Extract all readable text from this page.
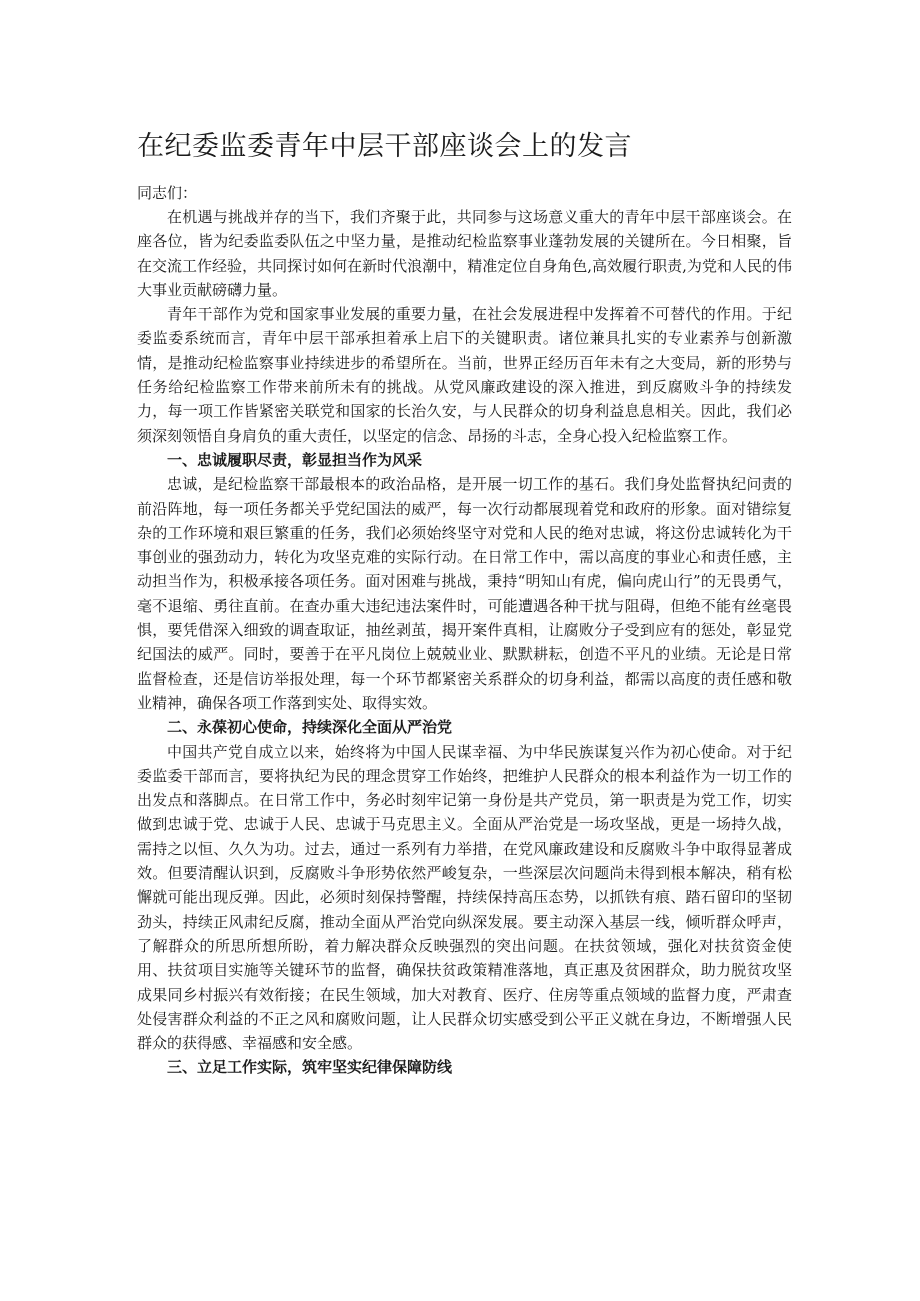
在纪委监委青年中层干部座谈会上的发言

同志们：

在机遇与挑战并存的当下，我们齐聚于此，共同参与这场意义重大的青年中层干部座谈会。在座各位，皆为纪委监委队伍之中坚力量，是推动纪检监察事业蓬勃发展的关键所在。今日相聚，旨在交流工作经验，共同探讨如何在新时代浪潮中，精准定位自身角色,高效履行职责,为党和人民的伟大事业贡献磅礴力量。

青年干部作为党和国家事业发展的重要力量，在社会发展进程中发挥着不可替代的作用。于纪委监委系统而言，青年中层干部承担着承上启下的关键职责。诸位兼具扎实的专业素养与创新激情，是推动纪检监察事业持续进步的希望所在。当前，世界正经历百年未有之大变局，新的形势与任务给纪检监察工作带来前所未有的挑战。从党风廉政建设的深入推进，到反腐败斗争的持续发力，每一项工作皆紧密关联党和国家的长治久安，与人民群众的切身利益息息相关。因此，我们必须深刻领悟自身肩负的重大责任，以坚定的信念、昂扬的斗志，全身心投入纪检监察工作。

一、忠诚履职尽责，彰显担当作为风采

忠诚，是纪检监察干部最根本的政治品格，是开展一切工作的基石。我们身处监督执纪问责的前沿阵地，每一项任务都关乎党纪国法的威严，每一次行动都展现着党和政府的形象。面对错综复杂的工作环境和艰巨繁重的任务，我们必须始终坚守对党和人民的绝对忠诚，将这份忠诚转化为干事创业的强劲动力，转化为攻坚克难的实际行动。在日常工作中，需以高度的事业心和责任感，主动担当作为，积极承接各项任务。面对困难与挑战，秉持“明知山有虎，偏向虎山行”的无畏勇气，毫不退缩、勇往直前。在查办重大违纪违法案件时，可能遭遇各种干扰与阻碍，但绝不能有丝毫畏惧，要凭借深入细致的调查取证，抽丝剥茧，揭开案件真相，让腐败分子受到应有的惩处，彰显党纪国法的威严。同时，要善于在平凡岗位上兢兢业业、默默耕耘，创造不平凡的业绩。无论是日常监督检查，还是信访举报处理，每一个环节都紧密关系群众的切身利益，都需以高度的责任感和敬业精神，确保各项工作落到实处、取得实效。

二、永葆初心使命，持续深化全面从严治党

中国共产党自成立以来，始终将为中国人民谋幸福、为中华民族谋复兴作为初心使命。对于纪委监委干部而言，要将执纪为民的理念贯穿工作始终，把维护人民群众的根本利益作为一切工作的出发点和落脚点。在日常工作中，务必时刻牢记第一身份是共产党员，第一职责是为党工作，切实做到忠诚于党、忠诚于人民、忠诚于马克思主义。全面从严治党是一场攻坚战，更是一场持久战，需持之以恒、久久为功。过去，通过一系列有力举措，在党风廉政建设和反腐败斗争中取得显著成效。但要清醒认识到，反腐败斗争形势依然严峻复杂，一些深层次问题尚未得到根本解决，稍有松懈就可能出现反弹。因此，必须时刻保持警醒，持续保持高压态势，以抓铁有痕、踏石留印的坚韧劲头，持续正风肃纪反腐，推动全面从严治党向纵深发展。要主动深入基层一线，倾听群众呼声，了解群众的所思所想所盼，着力解决群众反映强烈的突出问题。在扶贫领域，强化对扶贫资金使用、扶贫项目实施等关键环节的监督，确保扶贫政策精准落地，真正惠及贫困群众，助力脱贫攻坚成果同乡村振兴有效衔接；在民生领域，加大对教育、医疗、住房等重点领域的监督力度，严肃查处侵害群众利益的不正之风和腐败问题，让人民群众切实感受到公平正义就在身边，不断增强人民群众的获得感、幸福感和安全感。

三、立足工作实际，筑牢坚实纪律保障防线
